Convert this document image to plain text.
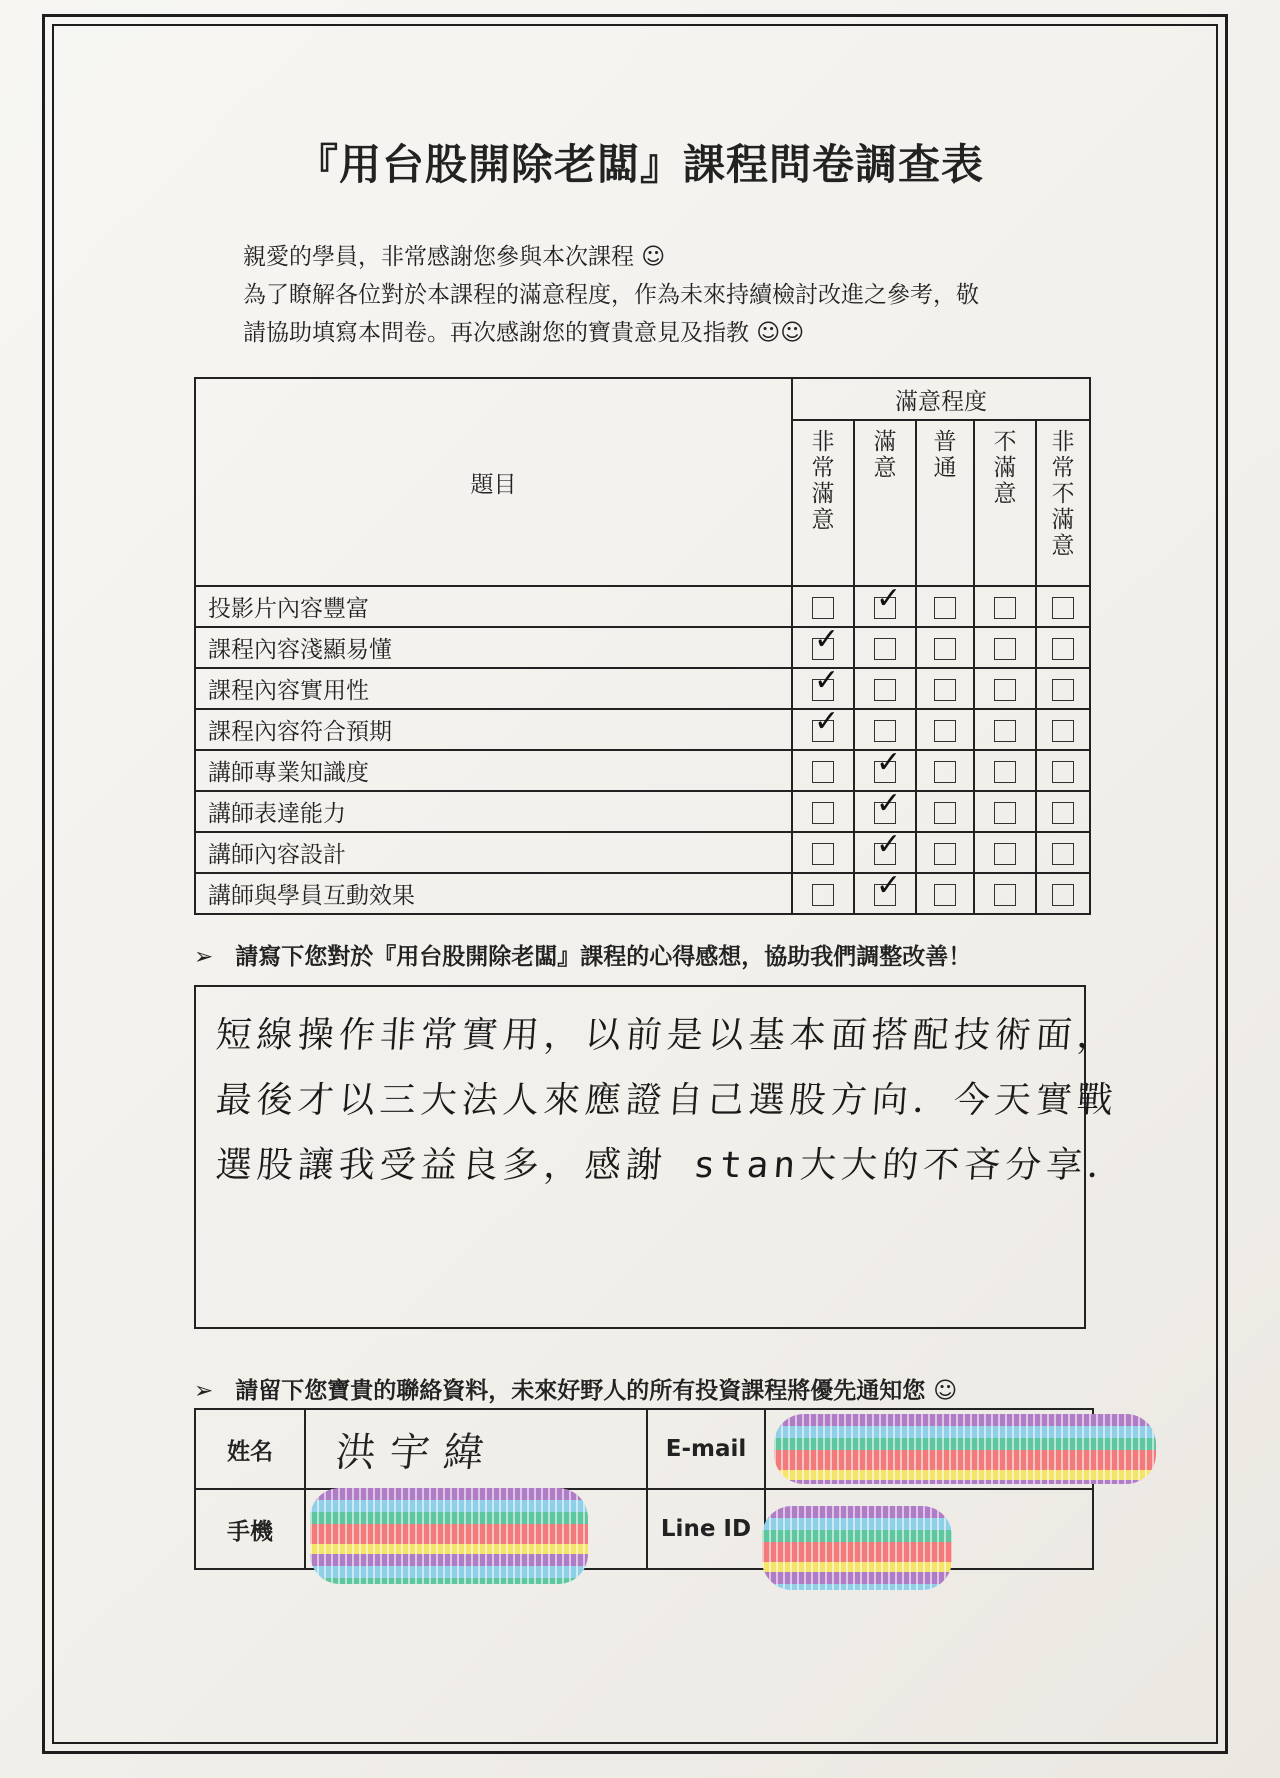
『用台股開除老闆』課程問卷調查表
親愛的學員，非常感謝您參與本次課程 ☺
為了瞭解各位對於本課程的滿意程度，作為未來持續檢討改進之參考，敬
請協助填寫本問卷。再次感謝您的寶貴意見及指教 ☺☺
題目	滿意程度				
	非常滿意	滿意	普通	不滿意	非常不滿意
投影片內容豐富		✓			

課程內容淺顯易懂	✓				

課程內容實用性	✓				

課程內容符合預期	✓				

講師專業知識度		✓			

講師表達能力		✓			

講師內容設計		✓			

講師與學員互動效果		✓			

➢ 請寫下您對於『用台股開除老闆』課程的心得感想，協助我們調整改善！
短線操作非常實用，以前是以基本面搭配技術面，
最後才以三大法人來應證自己選股方向．今天實戰
選股讓我受益良多，感謝 stan大大的不吝分享．
➢ 請留下您寶貴的聯絡資料，未來好野人的所有投資課程將優先通知您 ☺
姓名	洪宇緯	E-mail	
手機		Line ID	
